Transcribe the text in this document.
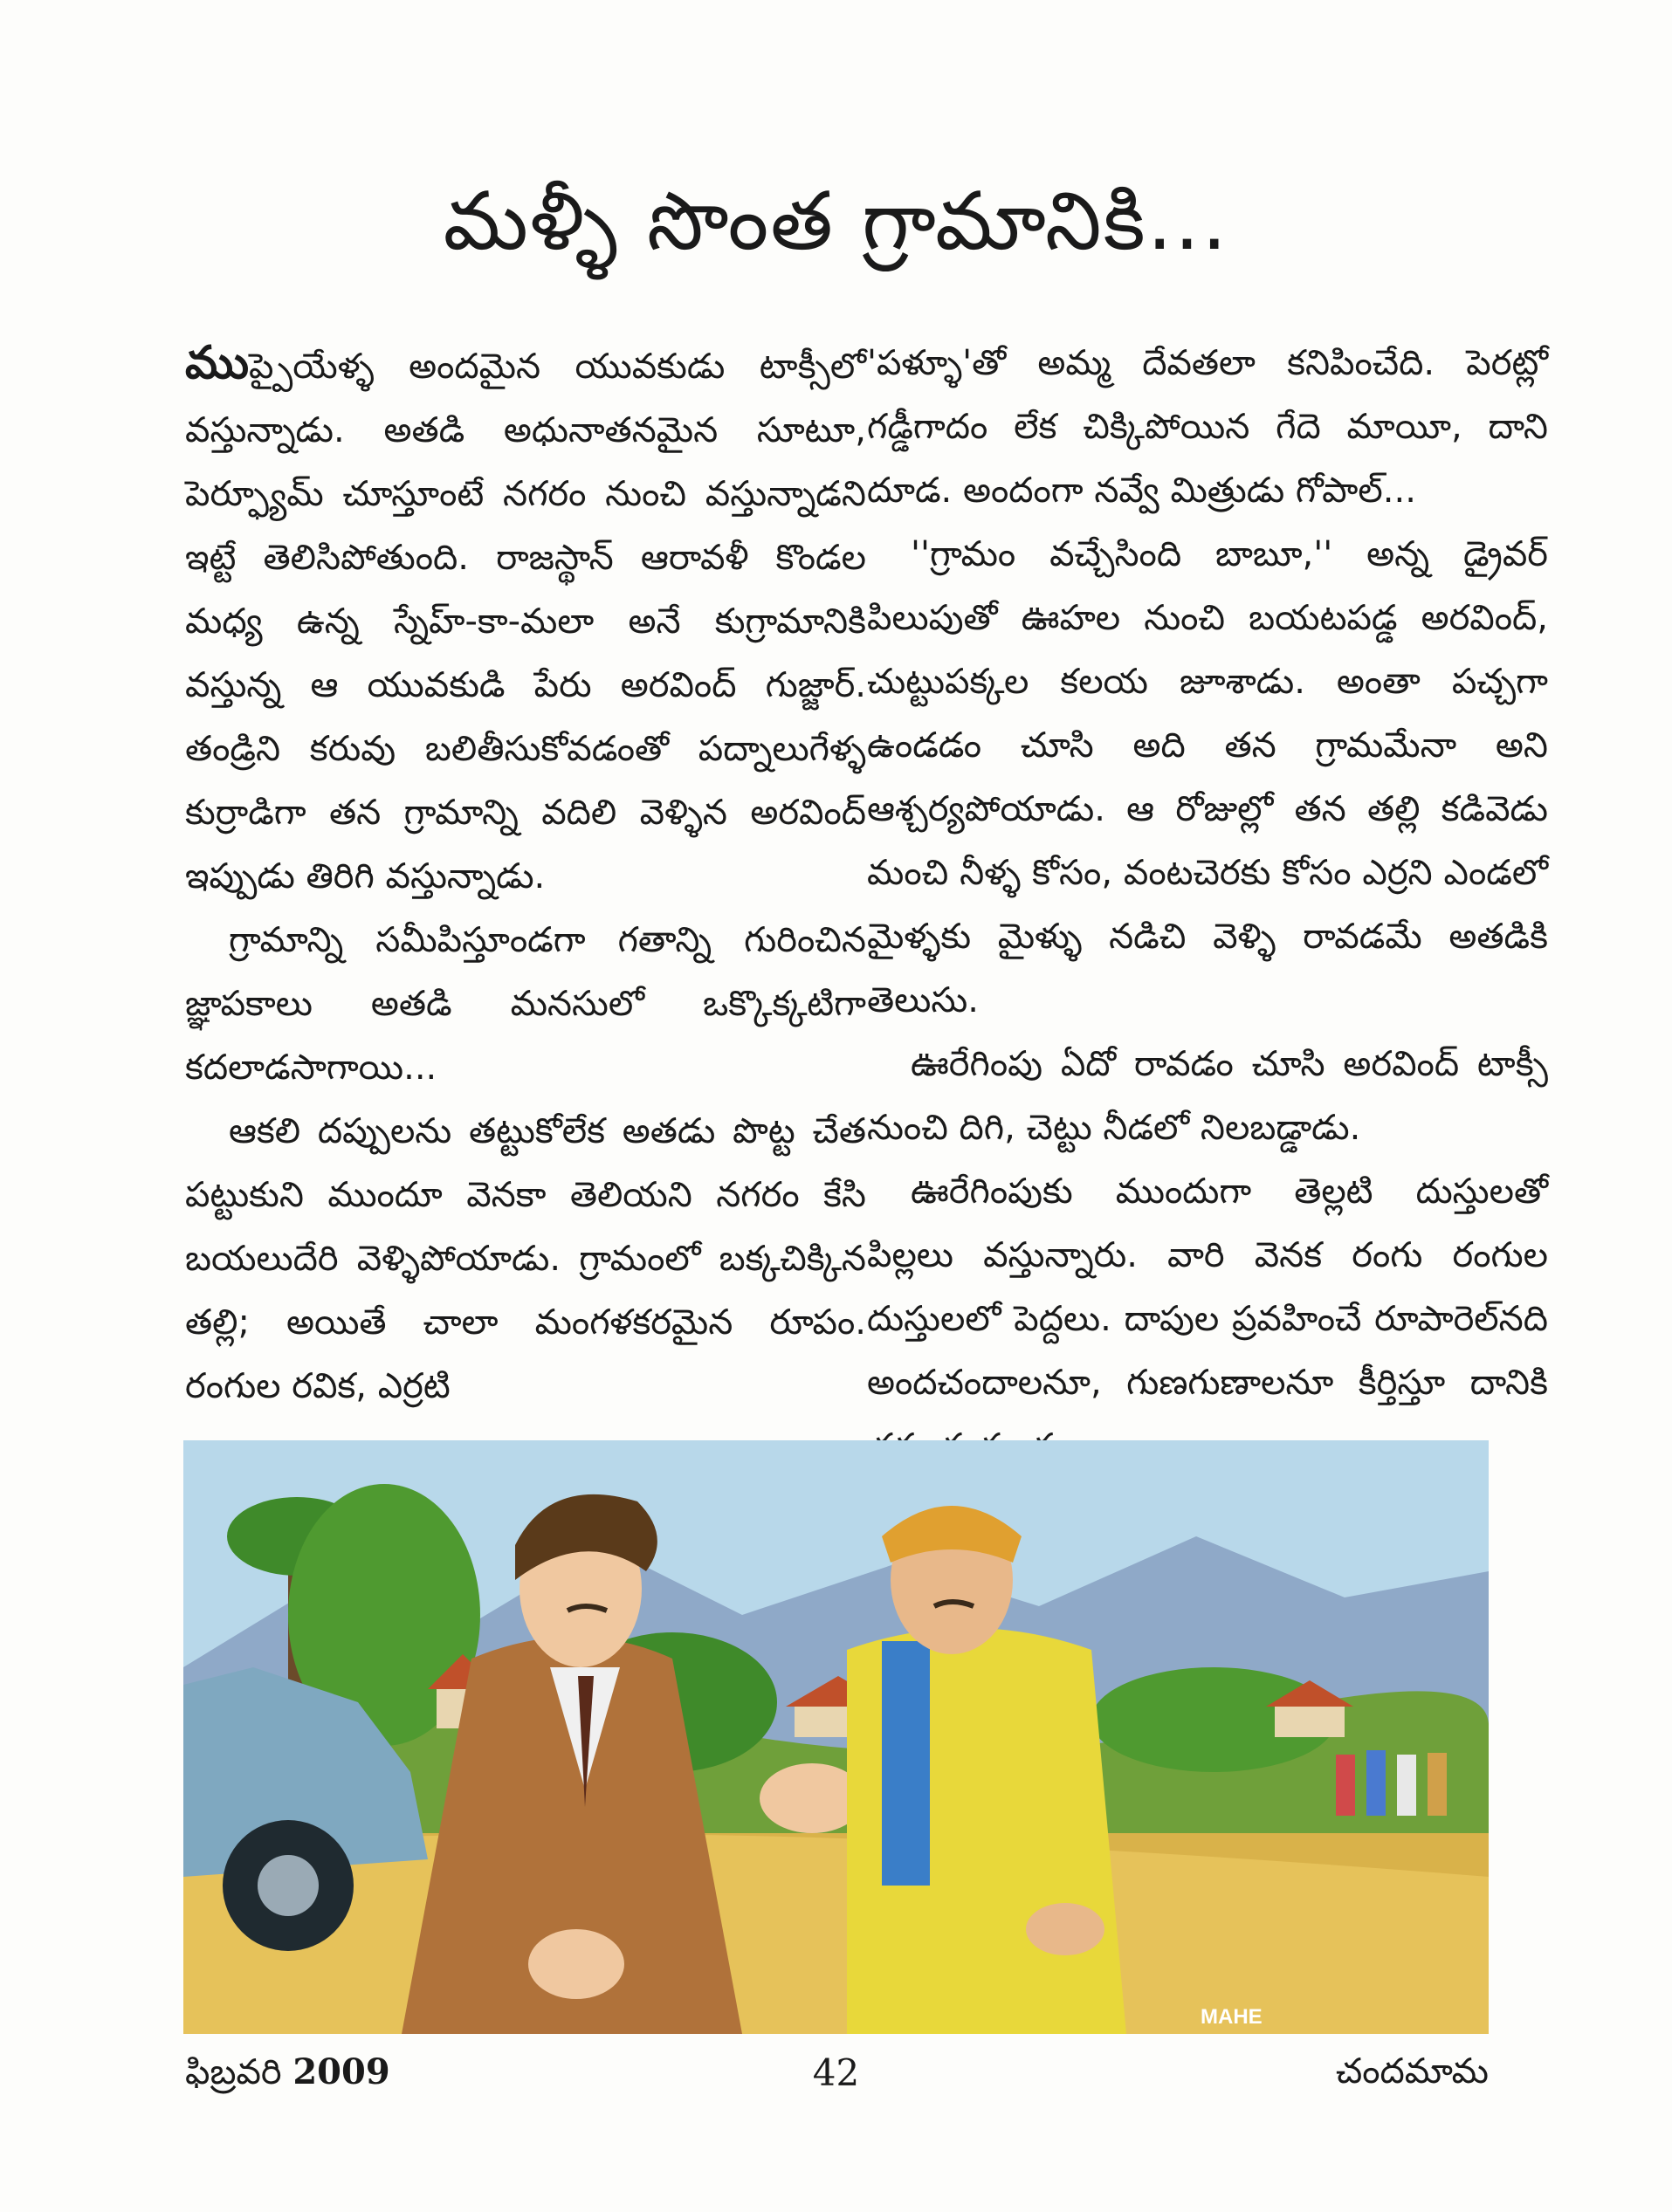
మళ్ళీ సొంత గ్రామానికి...

ముప్పైయేళ్ళ అందమైన యువకుడు టాక్సీలో వస్తున్నాడు. అతడి అధునాతనమైన సూటూ, పెర్ఫ్యూమ్ చూస్తూంటే నగరం నుంచి వస్తున్నాడని ఇట్టే తెలిసిపోతుంది. రాజస్థాన్ ఆరావళీ కొండల మధ్య ఉన్న స్నేహ్-కా-మలా అనే కుగ్రామానికి వస్తున్న ఆ యువకుడి పేరు అరవింద్ గుజ్జార్. తండ్రిని కరువు బలితీసుకోవడంతో పద్నాలుగేళ్ళ కుర్రాడిగా తన గ్రామాన్ని వదిలి వెళ్ళిన అరవింద్ ఇప్పుడు తిరిగి వస్తున్నాడు.

గ్రామాన్ని సమీపిస్తూండగా గతాన్ని గురించిన జ్ఞాపకాలు అతడి మనసులో ఒక్కొక్కటిగా కదలాడసాగాయి...

ఆకలి దప్పులను తట్టుకోలేక అతడు పొట్ట చేత పట్టుకుని ముందూ వెనకా తెలియని నగరం కేసి బయలుదేరి వెళ్ళిపోయాడు. గ్రామంలో బక్కచిక్కిన తల్లి; అయితే చాలా మంగళకరమైన రూపం. రంగుల రవిక, ఎర్రటి

'పళ్ళూ'తో అమ్మ దేవతలా కనిపించేది. పెరట్లో గడ్డీగాదం లేక చిక్కిపోయిన గేదె మాయీ, దాని దూడ. అందంగా నవ్వే మిత్రుడు గోపాల్...

''గ్రామం వచ్చేసింది బాబూ,'' అన్న డ్రైవర్ పిలుపుతో ఊహల నుంచి బయటపడ్డ అరవింద్, చుట్టుపక్కల కలయ జూశాడు. అంతా పచ్చగా ఉండడం చూసి అది తన గ్రామమేనా అని ఆశ్చర్యపోయాడు. ఆ రోజుల్లో తన తల్లి కడివెడు మంచి నీళ్ళ కోసం, వంటచెరకు కోసం ఎర్రని ఎండలో మైళ్ళకు మైళ్ళు నడిచి వెళ్ళి రావడమే అతడికి తెలుసు.

ఊరేగింపు ఏదో రావడం చూసి అరవింద్ టాక్సీ నుంచి దిగి, చెట్టు నీడలో నిలబడ్డాడు.

ఊరేగింపుకు ముందుగా తెల్లటి దుస్తులతో పిల్లలు వస్తున్నారు. వారి వెనక రంగు రంగుల దుస్తులలో పెద్దలు. దాపుల ప్రవహించే రూపారెల్‌నది అందచందాలనూ, గుణగుణాలనూ కీర్తిస్తూ దానికి

MAHE
ఫిబ్రవరి 2009	42	చందమామ
